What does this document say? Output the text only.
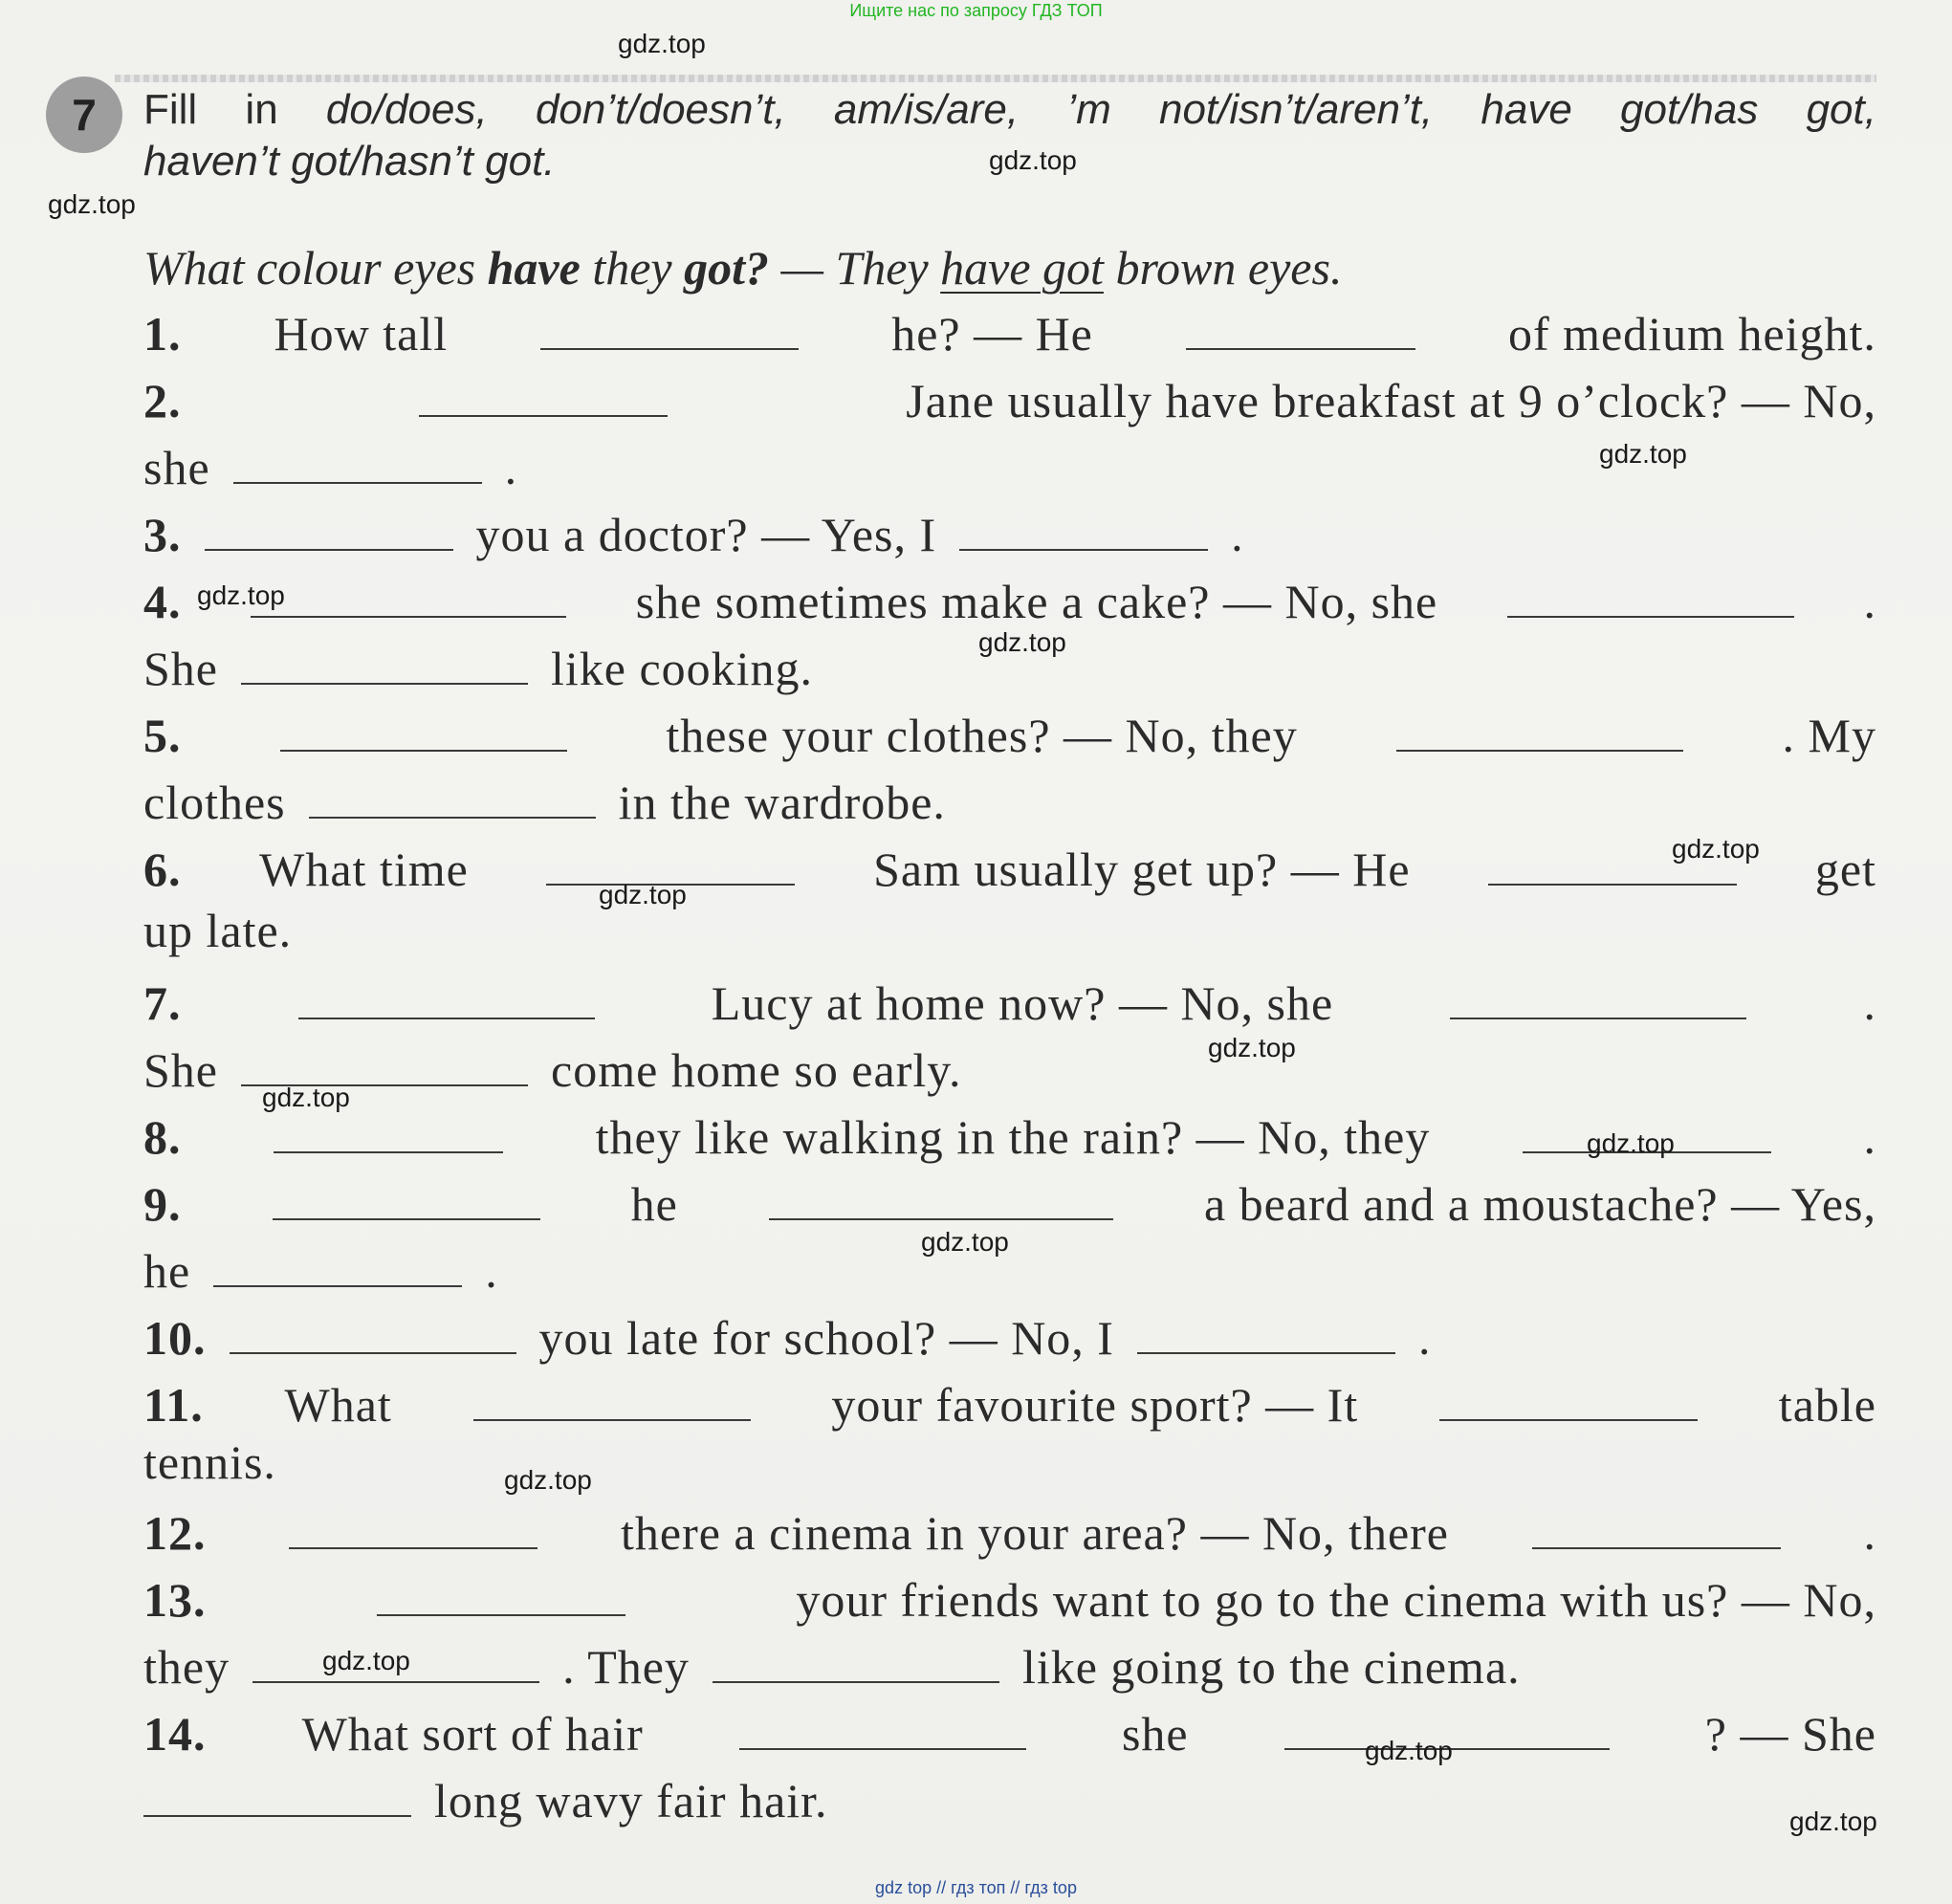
Ищите нас по запросу ГДЗ ТОП
7	Fill in do/does, don’t/doesn’t, am/is/are, ’m not/isn’t/aren’t, have got/has got,
haven’t got/hasn’t got.
What colour eyes have they got? — They have got brown eyes.
1. How tall	he? — He	of medium height.
2.	Jane usually have breakfast at 9 o’clock? — No,
she	.
3.	you a doctor? — Yes, I	.
4.	she sometimes make a cake? — No, she	.
She	like cooking.
5.	these your clothes? — No, they	. My
clothes	in the wardrobe.
6. What time	Sam usually get up? — He	get
up late.
7.	Lucy at home now? — No, she	.
She	come home so early.
8.	they like walking in the rain? — No, they	.
9.	he	a beard and a moustache? — Yes,
he	.
10.	you late for school? — No, I	.
11. What	your favourite sport? — It	table
tennis.
12.	there a cinema in your area? — No, there	.
13.	your friends want to go to the cinema with us? — No,
they	. They	like going to the cinema.
14. What sort of hair	she	? — She
long wavy fair hair.
gdz.top
gdz.top
gdz.top
gdz.top
gdz.top
gdz.top
gdz.top
gdz.top
gdz.top
gdz.top
gdz.top
gdz.top
gdz.top
gdz.top
gdz.top
gdz.top
gdz top // гдз топ // гдз top
